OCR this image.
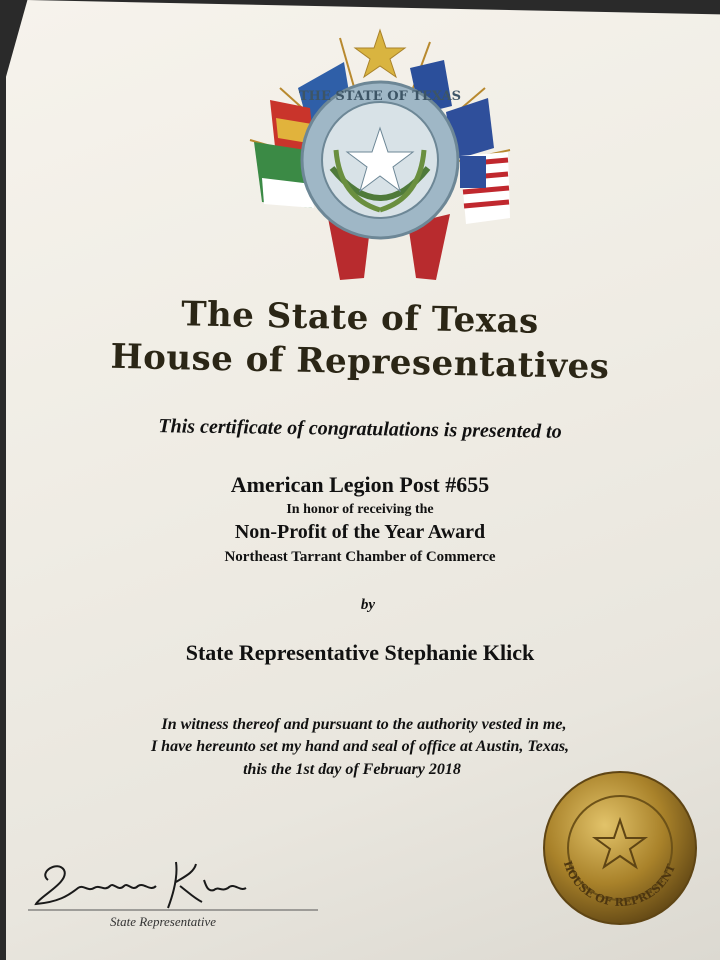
THE STATE OF TEXAS
The State of Texas
House of Representatives
This certificate of congratulations is presented to
American Legion Post #655
In honor of receiving the
Non-Profit of the Year Award
Northeast Tarrant Chamber of Commerce
by
State Representative Stephanie Klick
In witness thereof and pursuant to the authority vested in me,
I have hereunto set my hand and seal of office at Austin, Texas,
this the 1st day of February 2018
HOUSE OF REPRESENT
State Representative
